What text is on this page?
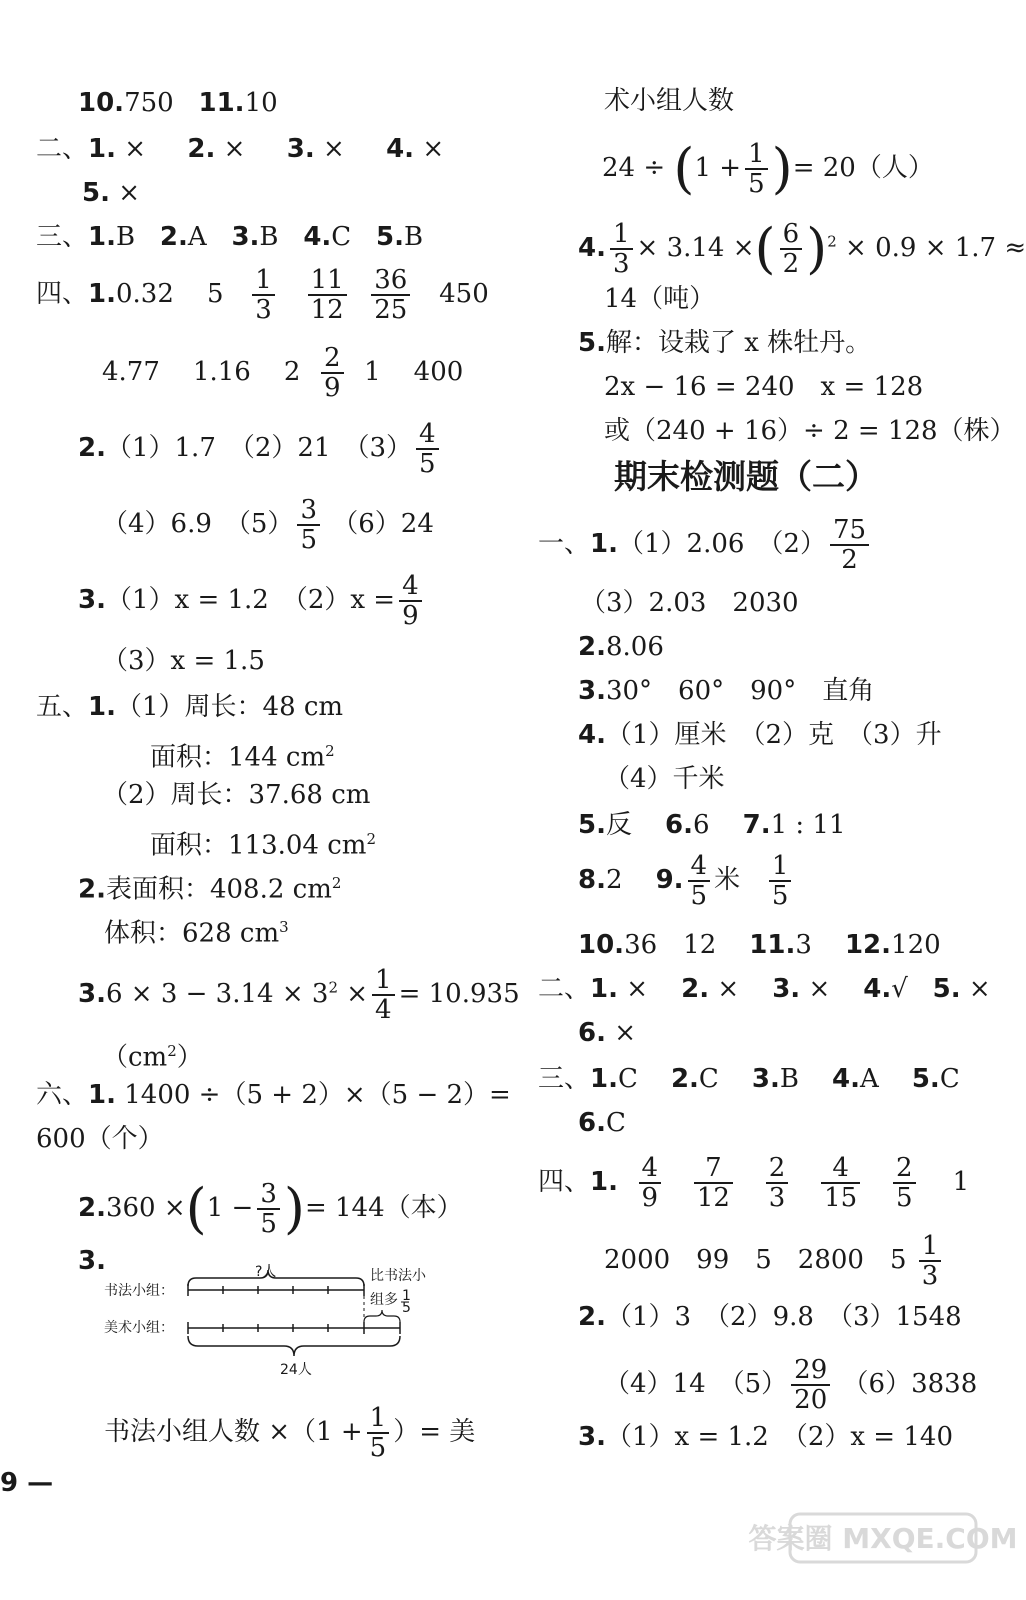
10.750 11.10
二、1. × 2. × 3. × 4. ×
5. ×
三、1.B 2.A 3.B 4.C 5.B
四、1.0.32 $5 \frac{1}{3}$
$\frac{11}{12}$
$\frac{36}{25} 450$
4.77 1.16 $2 \frac{2}{9} 1$ 400
2.（1）1.7　（2）21　$(3) \frac{4}{5}$
（4）6.9　$(5) \frac{3}{5} (6)24$
3.（1）x = 1.2　$(2)x = \frac{4}{9}$
（3）x = 1.5
五、1.（1）周长：48 cm
面积：144 $cm^2$
（2）周长：37.68 cm
面积：113.04 $cm^2$
2.表面积：408.2 $cm^2$
体积：628 $cm^3$
$3.6 \times 3 - 3.14 \times 3^2 \times \frac{1}{4} = 10.935$
$(cm^2)$
六、1. 1400 ÷（5 + 2）×（5 − 2）=
600（个）
$2.360 \times(1 - \frac{3}{5}$ )= 144（本）
3.	?人
书法小组：
比书法小
组多 1
5
美术小组：
24人
书法小组人数 $\times(1 + \frac{1}{5}$ ）= 美
术小组人数
$24 \div (1 + \frac{1}{5}$ )= 20（人）
4. $\frac{1}{3} \times 3.14$ ×( $\frac{6}{2} )^2 \times 0.9 \times 1.7$ ≈
14（吨）
5.解：设栽了 x 株牡丹。
2x − 16 = 240　x = 128
或（240 + 16）÷ 2 = 128（株）
期末检测题（二）
一、1.（1）2.06　$(2) \frac{75}{2}$
（3）2.03　2030
2.8.06
3.30°　60°　90°　直角
4.（1）厘米　（2）克　（3）升
（4）千米
5.反 6.6 7.1 : 11
8.2 9. $\frac{4}{5}$ 米 $\frac{1}{5}$
10.36　12 11.3 12.120
二、1. × 2. × 3. × 4.√ 5. ×
6. ×
三、1.C 2.C 3.B 4.A 5.C
6.C
四、1. $\frac{4}{9}$
$\frac{7}{12}$
$\frac{2}{3}$
$\frac{4}{15}$
$\frac{2}{5} 1$
2000　99　5　2800　$5 \frac{1}{3}$
2.（1）3　（2）9.8　（3）1548
（4）14　$(5) \frac{29}{20} (6)3838$
3.（1）x = 1.2　（2）x = 140
9 —
答案圈 MXQE.COM
